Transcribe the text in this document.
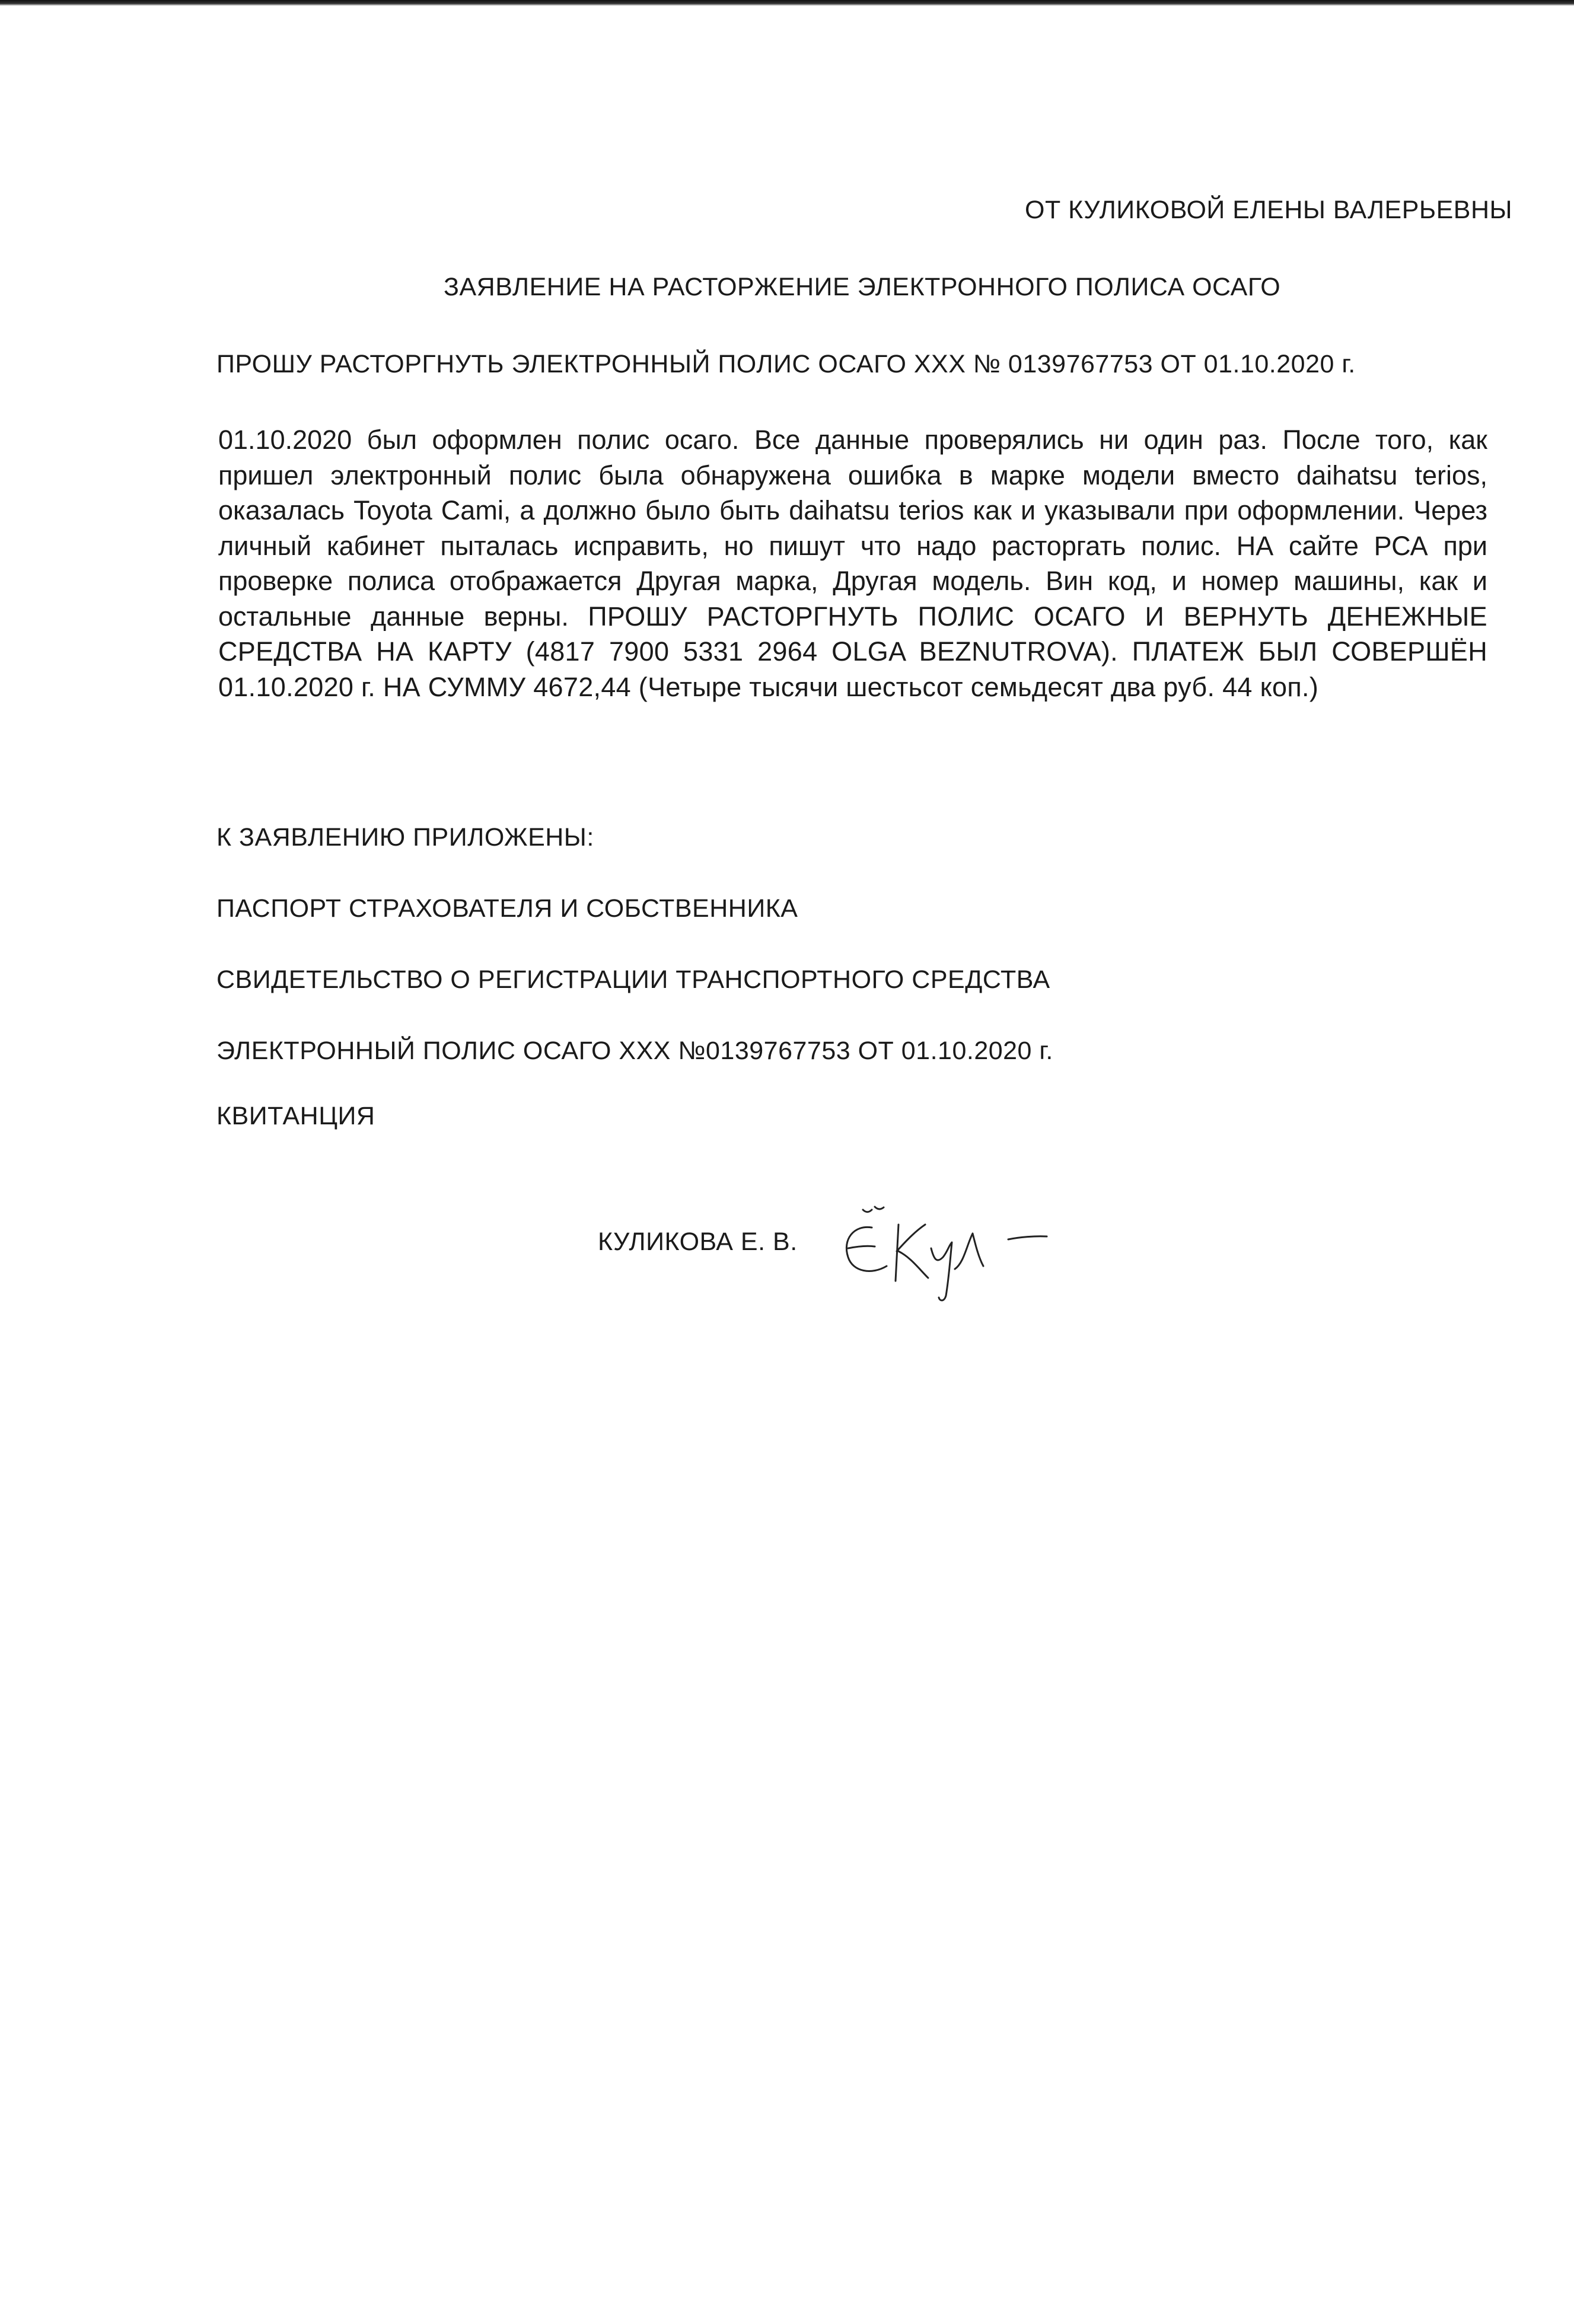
ОТ КУЛИКОВОЙ ЕЛЕНЫ ВАЛЕРЬЕВНЫ
ЗАЯВЛЕНИЕ НА РАСТОРЖЕНИЕ ЭЛЕКТРОННОГО ПОЛИСА ОСАГО
ПРОШУ РАСТОРГНУТЬ ЭЛЕКТРОННЫЙ ПОЛИС ОСАГО ХХХ № 0139767753 ОТ 01.10.2020 г.

01.10.2020 был оформлен полис осаго. Все данные проверялись ни один раз. После того, как пришел электронный полис была обнаружена ошибка в марке модели вместо daihatsu terios, оказалась Toyota Cami, а должно было быть daihatsu terios как и указывали при оформлении. Через личный кабинет пыталась исправить, но пишут что надо расторгать полис. НА сайте РСА при проверке полиса отображается Другая марка, Другая модель. Вин код, и номер машины, как и остальные данные верны. ПРОШУ РАСТОРГНУТЬ ПОЛИС ОСАГО И ВЕРНУТЬ ДЕНЕЖНЫЕ СРЕДСТВА НА КАРТУ (4817 7900 5331 2964 OLGA BEZNUTROVA). ПЛАТЕЖ БЫЛ СОВЕРШЁН 01.10.2020 г. НА СУММУ 4672,44 (Четыре тысячи шестьсот семьдесят два руб. 44 коп.)

К ЗАЯВЛЕНИЮ ПРИЛОЖЕНЫ:
ПАСПОРТ СТРАХОВАТЕЛЯ И СОБСТВЕННИКА
СВИДЕТЕЛЬСТВО О РЕГИСТРАЦИИ ТРАНСПОРТНОГО СРЕДСТВА
ЭЛЕКТРОННЫЙ ПОЛИС ОСАГО ХХХ №0139767753 ОТ 01.10.2020 г.
КВИТАНЦИЯ
КУЛИКОВА Е. В.
